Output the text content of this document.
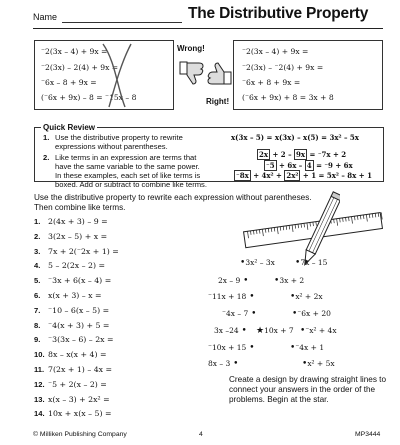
Name	The Distributive Property
⁻2(3x – 4) + 9x =
⁻2(3x) – 2(4) + 9x =
⁻6x – 8 + 9x =
(⁻6x + 9x) – 8 = ⁻15x – 8
Wrong!
Right!
⁻2(3x – 4) + 9x =
⁻2(3x) – ⁻2(4) + 9x =
⁻6x + 8 + 9x =
(⁻6x + 9x) + 8 = 3x + 8
1. Use the distributive property to rewrite
expressions without parentheses.
x(3x – 5) = x(3x) – x(5) = 3x² – 5x
2. Like terms in an expression are terms that
have the same variable to the same power.
In these examples, each set of like terms is
boxed. Add or subtract to combine like terms.
2x + 2 – 9x = ⁻7x + 2
⁻5 + 6x – 4 = ⁻9 + 6x
⁻8x + 4x² + 2x² + 1 = 5x² – 8x + 1
Quick Review
Use the distributive property to rewrite each expression without parentheses.
Then combine like terms.
1. 2(4x + 3) – 9 =
2. 3(2x – 5) + x =
3. 7x + 2(⁻2x + 1) =
4. 5 – 2(2x – 2) =
5. ⁻3x + 6(x – 4) =
6. x(x + 3) – x =
7. ⁻10 – 6(x – 5) =
8. ⁻4(x + 3) + 5 =
9. ⁻3(3x – 6) – 2x =
10. 8x – x(x + 4) =
11. 7(2x + 1) – 4x =
12. ⁻5 + 2(x – 2) =
13. x(x – 3) + 2x² =
14. 10x + x(x – 5) =
•3x² – 3x •7x – 15
2x – 9 •	•3x + 2
⁻11x + 18 •	•x² + 2x
⁻4x – 7 •	•⁻6x + 20
3x –24 •	•⁻x² + 4x
⁻10x + 15 •	•⁻4x + 1
8x – 3 •	•x² + 5x
★10x + 7
Create a design by drawing straight lines to
connect your answers in the order of the
problems. Begin at the star.
© Milliken Publishing Company	4	MP3444
